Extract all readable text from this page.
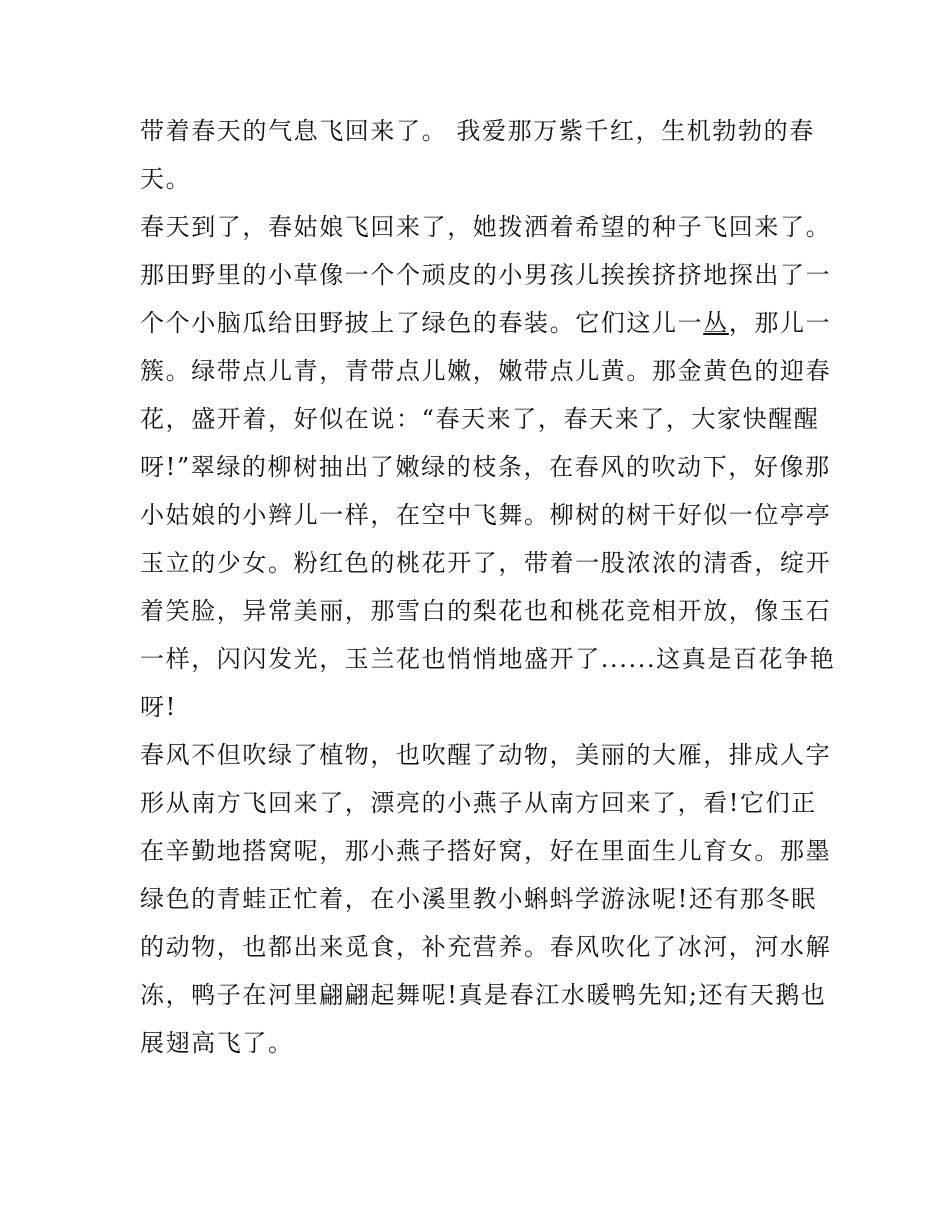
带着春天的气息飞回来了。 我爱那万紫千红，生机勃勃的春
天。

春天到了，春姑娘飞回来了，她拨洒着希望的种子飞回来了。

那田野里的小草像一个个顽皮的小男孩儿挨挨挤挤地探出了一
个个小脑瓜给田野披上了绿色的春装。它们这儿一丛，那儿一
簇。绿带点儿青，青带点儿嫩，嫩带点儿黄。那金黄色的迎春
花，盛开着，好似在说：“春天来了，春天来了，大家快醒醒
呀!”翠绿的柳树抽出了嫩绿的枝条，在春风的吹动下，好像那
小姑娘的小辫儿一样，在空中飞舞。柳树的树干好似一位亭亭
玉立的少女。粉红色的桃花开了，带着一股浓浓的清香，绽开
着笑脸，异常美丽，那雪白的梨花也和桃花竞相开放，像玉石
一样，闪闪发光，玉兰花也悄悄地盛开了......这真是百花争艳
呀!

春风不但吹绿了植物，也吹醒了动物，美丽的大雁，排成人字
形从南方飞回来了，漂亮的小燕子从南方回来了，看!它们正
在辛勤地搭窝呢，那小燕子搭好窝，好在里面生儿育女。那墨
绿色的青蛙正忙着，在小溪里教小蝌蚪学游泳呢!还有那冬眠
的动物，也都出来觅食，补充营养。春风吹化了冰河，河水解
冻，鸭子在河里翩翩起舞呢!真是春江水暖鸭先知;还有天鹅也
展翅高飞了。
